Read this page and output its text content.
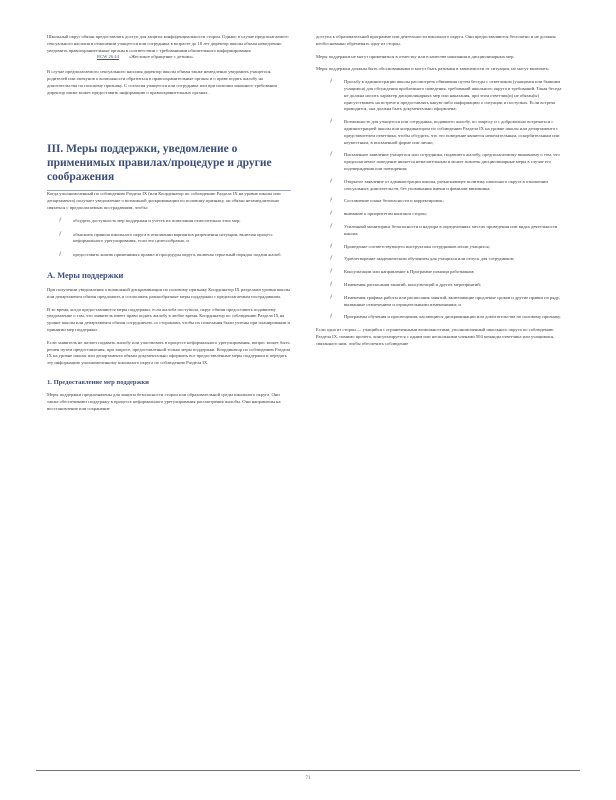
Школьный округ обязан предоставлять доступ для защиты конфиденциальности сторон. Однако в случае предполагаемого сексуального насилия в отношении учащегося или сотрудника в возрасте до 18 лет директор школы обязан немедленно уведомить правоохранительные органы в соответствии с требованиями обязательного информирования
RCW 26.44 «Жестокое обращение с детьми».

В случае предполагаемого сексуального насилия директор школы обязан также немедленно уведомить учащегося, родителей или опекунов о возможности обратиться в правоохранительные органы и о праве подать жалобу на домогательства по половому признаку. С согласия учащегося или сотрудника или при наличии законного требования директор также может предоставить информацию о правоохранительных органах.

III. Меры поддержки, уведомление о применимых правилах/процедуре и другие соображения

Когда уполномоченный по соблюдению Раздела IX (или Координатор по соблюдению Раздела IX на уровне школы или департамента) получает уведомление о возможной дискриминации по половому признаку, он обязан незамедлительно связаться с предполагаемым пострадавшим, чтобы:

ƒ	обсудить доступность мер поддержки и учесть их пожелания относительно этих мер;
ƒ	объяснить правила школьного округа в отношении вариантов разрешения ситуации, включая процесс неформального урегулирования, если это целесообразно, и
ƒ	предоставить копию применимых правил и процедуры округа, включая серьезный порядок подачи жалоб.
A. Меры поддержки

При получении уведомления о возможной дискриминации по половому признаку Координатор IX разделами уровня школы или департамента обязан предложить и согласовать разнообразные меры поддержки с предполагаемым пострадавшим.

В то время, когда предоставляются меры поддержки, если жалоба поступила, округ обязан предоставить подавшему уведомление о том, что заявитель имеет право подать жалобу в любое время. Координатор по соблюдению Раздела IX на уровне школы или департамента обязан сотрудничать со сторонами, чтобы их пожелания были учтены при планировании и принятии мер поддержки.

Если заявитель не желает подавать жалобу или участвовать в процессе неформального урегулирования, вопрос может быть решен путем предоставления, при запросе, предоставленной только меры поддержки. Координатор по соблюдению Раздела IX на уровне школы или департамента обязан документально оформить все предоставленные меры поддержки и передать эту информацию уполномоченному школьного округа по соблюдению Раздела IX.

1. Предоставление мер поддержки

Меры поддержки предназначены для защиты безопасности сторон или образовательной среды школьного округа. Они также обеспечивают поддержку в процессе неформального урегулирования рассмотрения жалобы. Они направлены на восстановление или сохранение

доступа к образовательной программе или деятельности школьного округа. Они предоставляются бесплатно и не должны необоснованно обременять одну из сторон.

Меры поддержки не могут применяться в отместку или в качестве наказания в дисциплинарных мер.

Меры поддержки должны быть обоснованными и могут быть разными в зависимости от ситуации, но могут включать:

ƒ	Просьбу к администрации школы рассмотреть обвинения путем беседы с ответчиком (учащимся или бывшим учащимся) для обсуждения проблемного поведения, требований школьного округа и требований. Такая беседа не должна носить характер дисциплинарных мер или наказания, при этом ответчик(и) не обязан(ы) присутствовать на встрече и предоставлять какую-либо информацию о ситуации и поступках. Если встреча проводится, она должна быть документально оформлена;
ƒ	Возможность для учащегося или сотрудника, подавшего жалобу, по запросу и с добровольно встречаться с администрацией школы или координатором по соблюдению Раздела IX на уровне школы или департамента с представителем ответчика, чтобы обсудить, что это поведение является нежелательным, оскорбительным или неуместным, в письменной форме или лично;
ƒ	Письменное заявление учащегося или сотрудника, подавшего жалобу, предполагаемому виновному о том, что предполагаемое поведение является нежелательным и может повлечь дисциплинарные меры в случае его подтверждения или повторения;
ƒ	Открытое заявление от администрации школы, разъясняющее политику школьного округа в отношении сексуальных домогательств, без упоминания имени и фамилии виновника;
ƒ	Составление плана безопасности и корректировок;
ƒ	внимание к приоритетам контакта сторон;
ƒ	Усиленный мониторинг безопасности и надзора в определенных местах проведения или видах деятельности школы;
ƒ	Проведение соответствующего инструктажа сотрудников и/или учащихся;
ƒ	Удовлетворение академическим обучением для учащихся или отпуск для сотрудников;
ƒ	Консультации или направление к Программе помощи работникам;
ƒ	Изменения расписания занятий, консультаций и других мероприятий;
ƒ	Изменения графика работы или расписания занятий, включающие продление сроков и другие правки по ряду, вызванные отвлечением и отрицательными изменениями; и
ƒ	Программы обучения и просвещения, касающиеся дискриминации или домогательства по половому признаку.

Если одна из сторон — учащийся с ограниченными возможностями, уполномоченный школьного округа по соблюдению Раздела IX, помимо прочего, консультируется с одним или несколькими членами 504 команды ответчика или учащимися, связанного ним, чтобы обеспечить соблюдение

71
